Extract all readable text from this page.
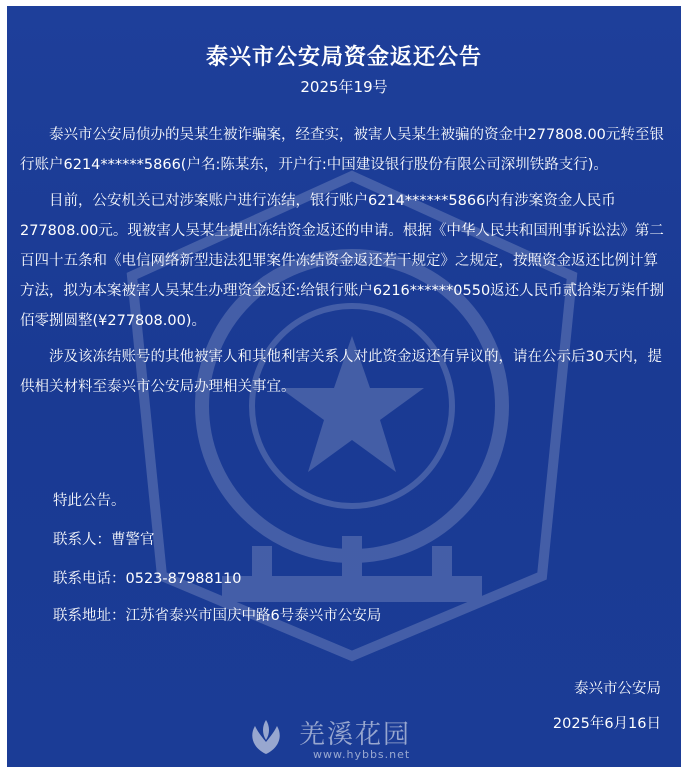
泰兴市公安局资金返还公告
2025年19号

泰兴市公安局侦办的吴某生被诈骗案，经查实，被害人吴某生被骗的资金中277808.00元转至银行账户6214******5866(户名:陈某东，开户行:中国建设银行股份有限公司深圳铁路支行)。

目前，公安机关已对涉案账户进行冻结，银行账户6214******5866内有涉案资金人民币277808.00元。现被害人吴某生提出冻结资金返还的申请。根据《中华人民共和国刑事诉讼法》第二百四十五条和《电信网络新型违法犯罪案件冻结资金返还若干规定》之规定，按照资金返还比例计算方法，拟为本案被害人吴某生办理资金返还:给银行账户6216******0550返还人民币贰拾柒万柒仟捌佰零捌圆整(¥277808.00)。

涉及该冻结账号的其他被害人和其他利害关系人对此资金返还有异议的，请在公示后30天内，提供相关材料至泰兴市公安局办理相关事宜。

特此公告。
联系人：曹警官
联系电话：0523-87988110
联系地址：江苏省泰兴市国庆中路6号泰兴市公安局
泰兴市公安局
2025年6月16日
羌溪花园
www.hybbs.net
